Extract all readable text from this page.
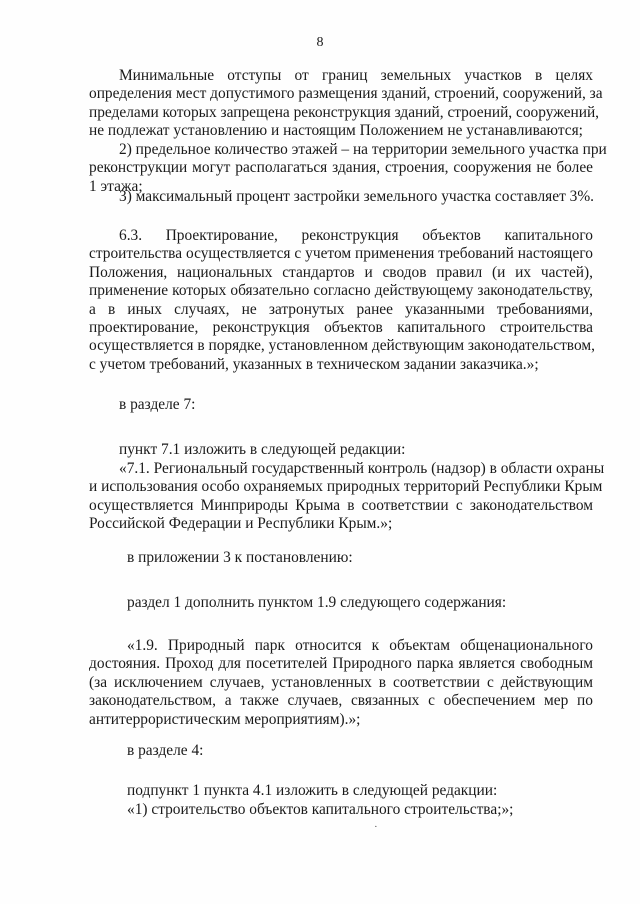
8
Минимальные отступы от границ земельных участков в целях
определения мест допустимого размещения зданий, строений, сооружений, за
пределами которых запрещена реконструкция зданий, строений, сооружений,
не подлежат установлению и настоящим Положением не устанавливаются;
2) предельное количество этажей – на территории земельного участка при
реконструкции могут располагаться здания, строения, сооружения не более
1 этажа;
3) максимальный процент застройки земельного участка составляет 3%.
6.3. Проектирование, реконструкция объектов капитального
строительства осуществляется с учетом применения требований настоящего
Положения, национальных стандартов и сводов правил (и их частей),
применение которых обязательно согласно действующему законодательству,
а в иных случаях, не затронутых ранее указанными требованиями,
проектирование, реконструкция объектов капитального строительства
осуществляется в порядке, установленном действующим законодательством,
с учетом требований, указанных в техническом задании заказчика.»;
в разделе 7:
пункт 7.1 изложить в следующей редакции:
«7.1. Региональный государственный контроль (надзор) в области охраны
и использования особо охраняемых природных территорий Республики Крым
осуществляется Минприроды Крыма в соответствии с законодательством
Российской Федерации и Республики Крым.»;
в приложении 3 к постановлению:
раздел 1 дополнить пунктом 1.9 следующего содержания:
«1.9. Природный парк относится к объектам общенационального
достояния. Проход для посетителей Природного парка является свободным
(за исключением случаев, установленных в соответствии с действующим
законодательством, а также случаев, связанных с обеспечением мер по
антитеррористическим мероприятиям).»;
в разделе 4:
подпункт 1 пункта 4.1 изложить в следующей редакции:
«1) строительство объектов капитального строительства;»;
·
